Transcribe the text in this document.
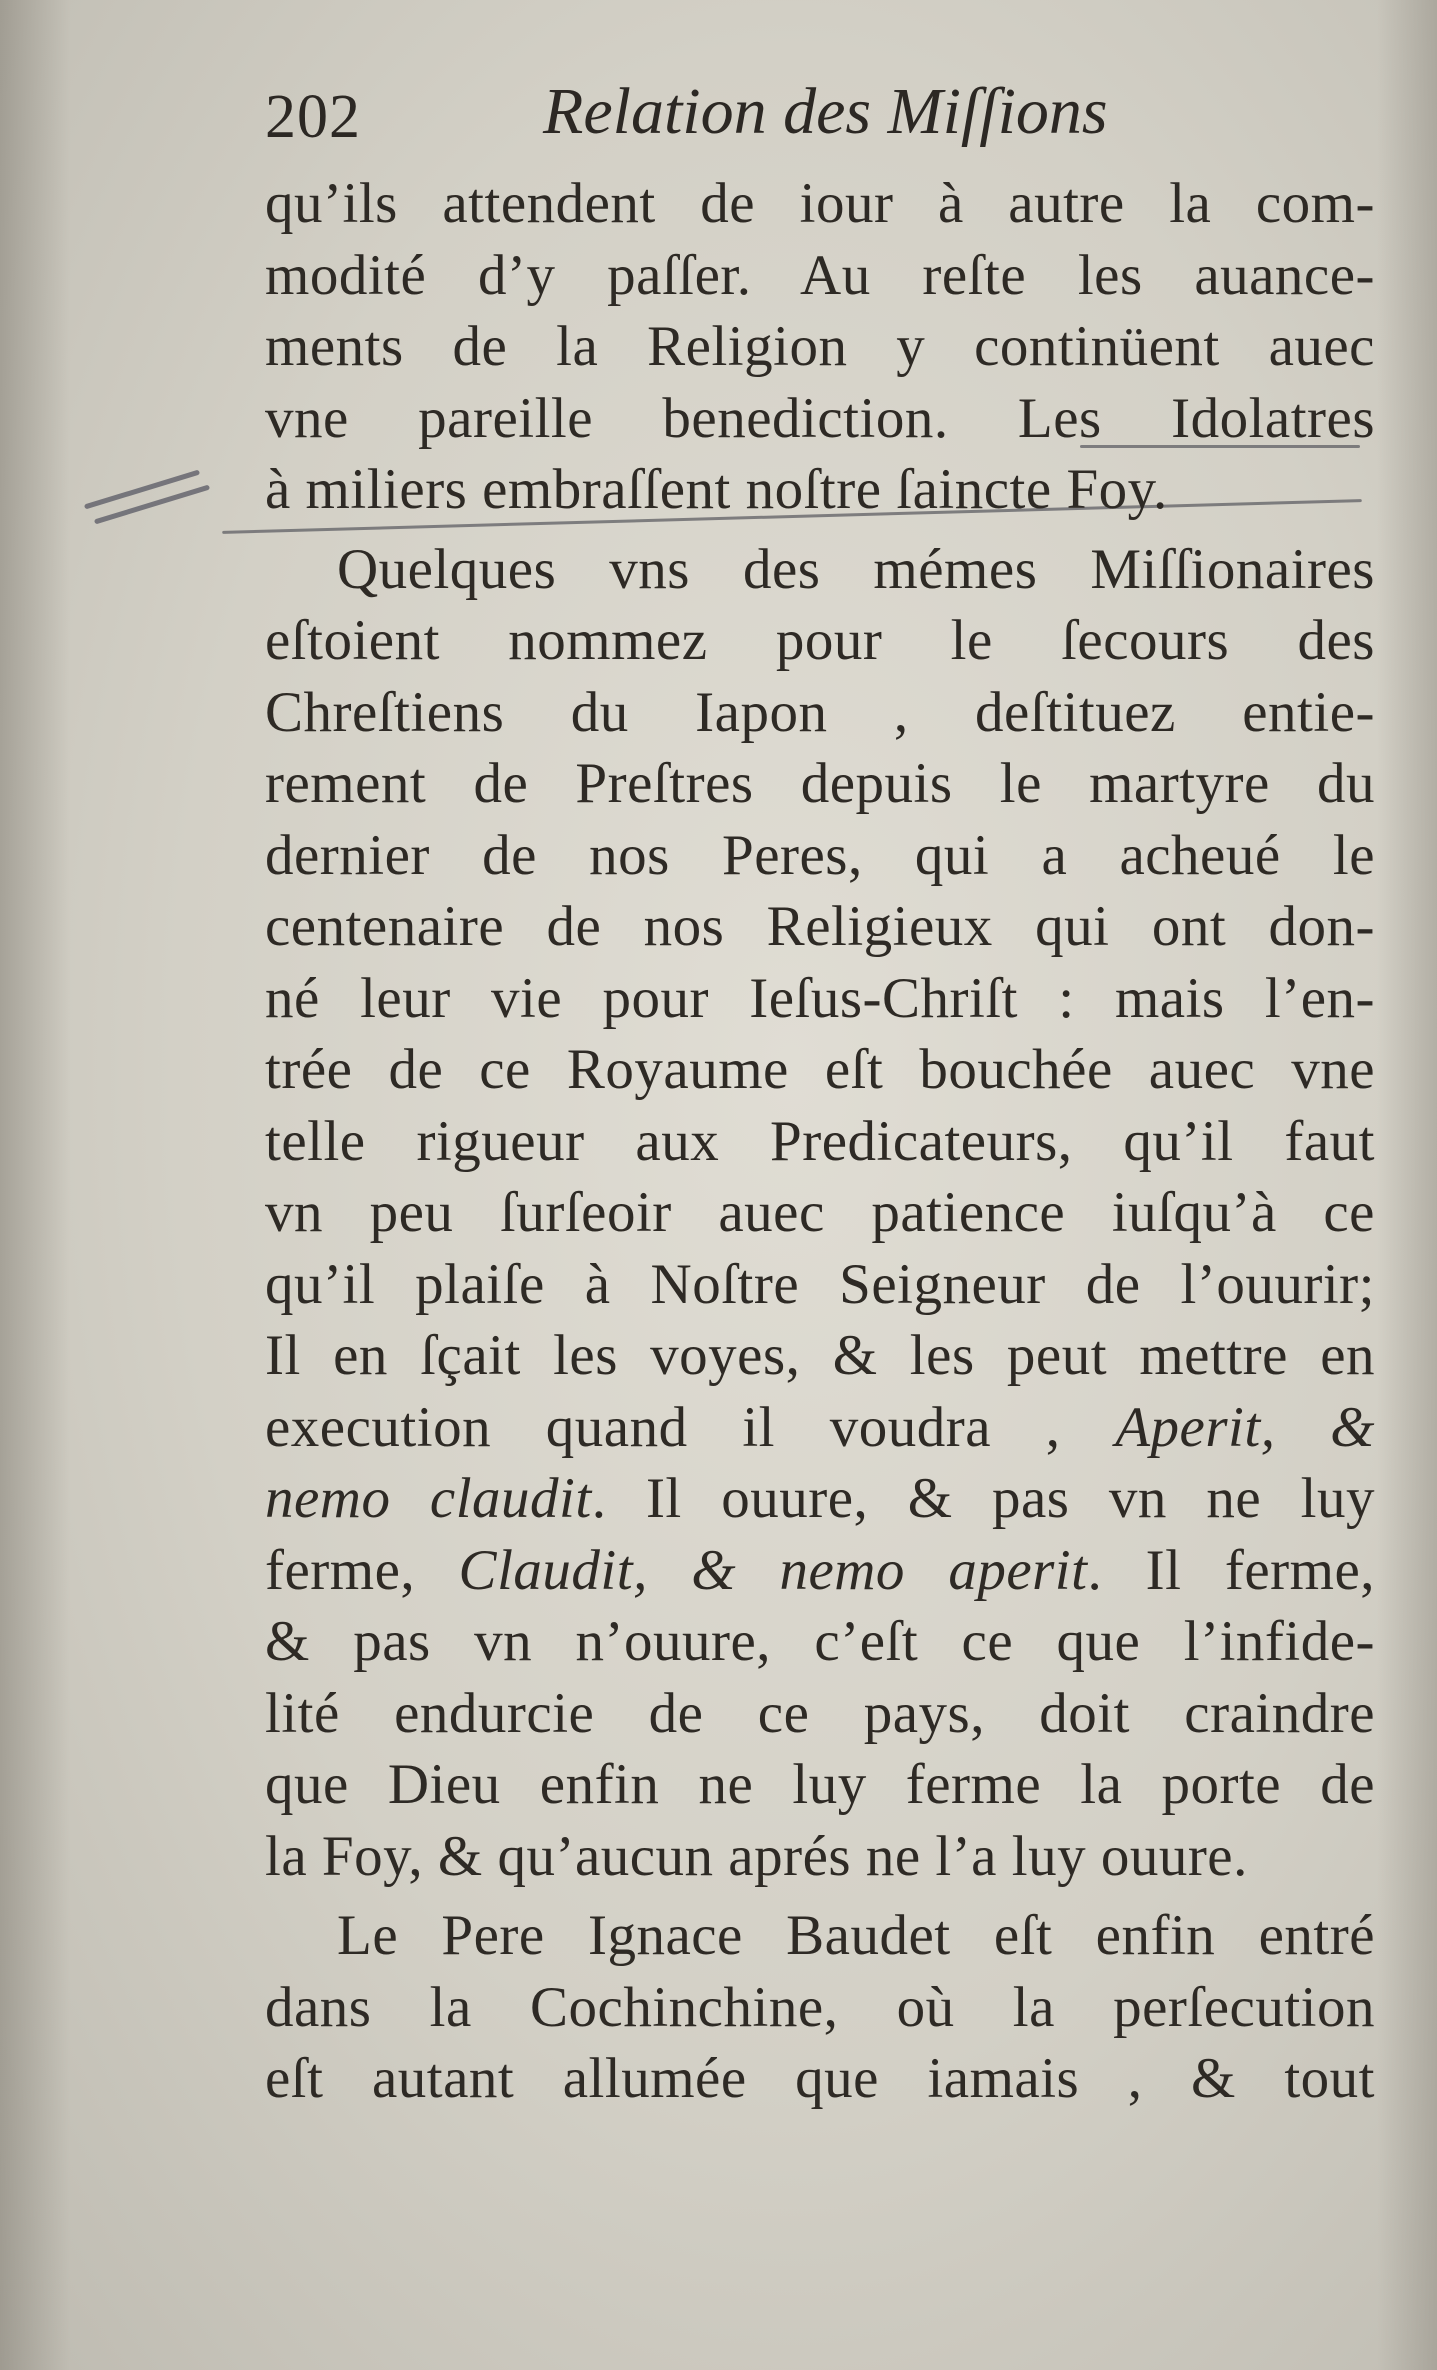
202	Relation des Miſſions
qu’ils attendent de iour à autre la com-
modité d’y paſſer. Au reſte les auance-
ments de la Religion y continüent auec
vne pareille benediction. Les Idolatres
à miliers embraſſent noſtre ſaincte Foy.
Quelques vns des mémes Miſſionaires
eſtoient nommez pour le ſecours des
Chreſtiens du Iapon , deſtituez entie-
rement de Preſtres depuis le martyre du
dernier de nos Peres, qui a acheué le
centenaire de nos Religieux qui ont don-
né leur vie pour Ieſus-Chriſt : mais l’en-
trée de ce Royaume eſt bouchée auec vne
telle rigueur aux Predicateurs, qu’il faut
vn peu ſurſeoir auec patience iuſqu’à ce
qu’il plaiſe à Noſtre Seigneur de l’ouurir;
Il en ſçait les voyes, & les peut mettre en
execution quand il voudra , Aperit, &
nemo claudit. Il ouure, & pas vn ne luy
ferme, Claudit, & nemo aperit. Il ferme,
& pas vn n’ouure, c’eſt ce que l’infide-
lité endurcie de ce pays, doit craindre
que Dieu enfin ne luy ferme la porte de
la Foy, & qu’aucun aprés ne l’a luy ouure.
Le Pere Ignace Baudet eſt enfin entré
dans la Cochinchine, où la perſecution
eſt autant allumée que iamais , & tout
